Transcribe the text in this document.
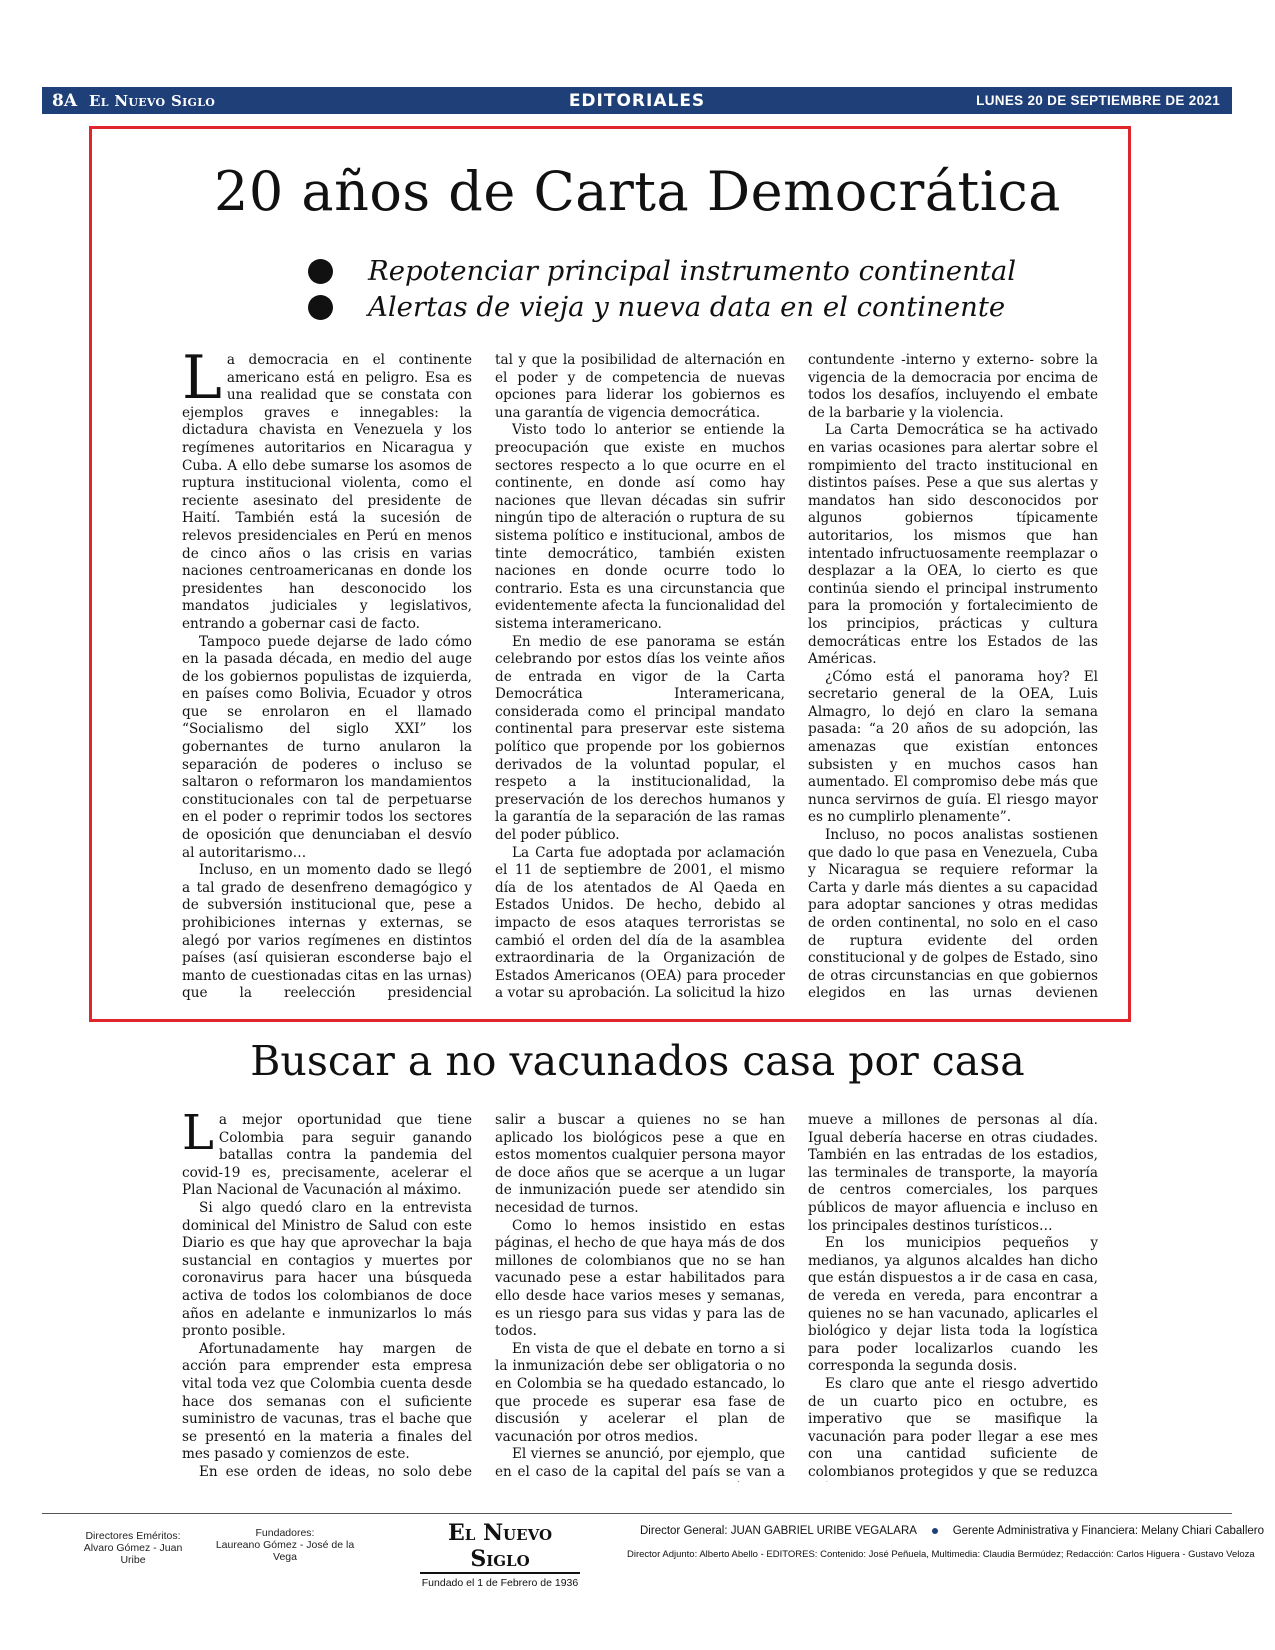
8A El Nuevo Siglo	EDITORIALES	LUNES 20 DE SEPTIEMBRE DE 2021
20 años de Carta Democrática
Repotenciar principal instrumento continental
Alertas de vieja y nueva data en el continente

La democracia en el continente americano está en peligro. Esa es una realidad que se constata con ejemplos graves e innegables: la dictadura chavista en Venezuela y los regímenes autoritarios en Nicaragua y Cuba. A ello debe sumarse los asomos de ruptura institucional violenta, como el reciente asesinato del presidente de Haití. También está la sucesión de relevos presidenciales en Perú en menos de cinco años o las crisis en varias naciones centroamericanas en donde los presidentes han desconocido los mandatos judiciales y legislativos, entrando a gobernar casi de facto.

Tampoco puede dejarse de lado cómo en la pasada década, en medio del auge de los gobiernos populistas de izquierda, en países como Bolivia, Ecuador y otros que se enrolaron en el llamado “Socialismo del siglo XXI” los gobernantes de turno anularon la separación de poderes o incluso se saltaron o reformaron los mandamientos constitucionales con tal de perpetuarse en el poder o reprimir todos los sectores de oposición que denunciaban el desvío al autoritarismo…

Incluso, en un momento dado se llegó a tal grado de desenfreno demagógico y de subversión institucional que, pese a prohibiciones internas y externas, se alegó por varios regímenes en distintos países (así quisieran esconderse bajo el manto de cuestionadas citas en las urnas) que la reelección presidencial

tal y que la posibilidad de alternación en el poder y de competencia de nuevas opciones para liderar los gobiernos es una garantía de vigencia democrática.

Visto todo lo anterior se entiende la preocupación que existe en muchos sectores respecto a lo que ocurre en el continente, en donde así como hay naciones que llevan décadas sin sufrir ningún tipo de alteración o ruptura de su sistema político e institucional, ambos de tinte democrático, también existen naciones en donde ocurre todo lo contrario. Esta es una circunstancia que evidentemente afecta la funcionalidad del sistema interamericano.

En medio de ese panorama se están celebrando por estos días los veinte años de entrada en vigor de la Carta Democrática Interamericana, considerada como el principal mandato continental para preservar este sistema político que propende por los gobiernos derivados de la voluntad popular, el respeto a la institucionalidad, la preservación de los derechos humanos y la garantía de la separación de las ramas del poder público.

La Carta fue adoptada por aclamación el 11 de septiembre de 2001, el mismo día de los atentados de Al Qaeda en Estados Unidos. De hecho, debido al impacto de esos ataques terroristas se cambió el orden del día de la asamblea extraordinaria de la Organización de Estados Americanos (OEA) para proceder a votar su aprobación. La solicitud la hizo

contundente -interno y externo- sobre la vigencia de la democracia por encima de todos los desafíos, incluyendo el embate de la barbarie y la violencia.

La Carta Democrática se ha activado en varias ocasiones para alertar sobre el rompimiento del tracto institucional en distintos países. Pese a que sus alertas y mandatos han sido desconocidos por algunos gobiernos típicamente autoritarios, los mismos que han intentado infructuosamente reemplazar o desplazar a la OEA, lo cierto es que continúa siendo el principal instrumento para la promoción y fortalecimiento de los principios, prácticas y cultura democráticas entre los Estados de las Américas.

¿Cómo está el panorama hoy? El secretario general de la OEA, Luis Almagro, lo dejó en claro la semana pasada: “a 20 años de su adopción, las amenazas que existían entonces subsisten y en muchos casos han aumentado. El compromiso debe más que nunca servirnos de guía. El riesgo mayor es no cumplirlo plenamente”.

Incluso, no pocos analistas sostienen que dado lo que pasa en Venezuela, Cuba y Nicaragua se requiere reformar la Carta y darle más dientes a su capacidad para adoptar sanciones y otras medidas de orden continental, no solo en el caso de ruptura evidente del orden constitucional y de golpes de Estado, sino de otras circunstancias en que gobiernos elegidos en las urnas devienen

Buscar a no vacunados casa por casa

La mejor oportunidad que tiene Colombia para seguir ganando batallas contra la pandemia del covid-19 es, precisamente, acelerar el Plan Nacional de Vacunación al máximo.

Si algo quedó claro en la entrevista dominical del Ministro de Salud con este Diario es que hay que aprovechar la baja sustancial en contagios y muertes por coronavirus para hacer una búsqueda activa de todos los colombianos de doce años en adelante e inmunizarlos lo más pronto posible.

Afortunadamente hay margen de acción para emprender esta empresa vital toda vez que Colombia cuenta desde hace dos semanas con el suficiente suministro de vacunas, tras el bache que se presentó en la materia a finales del mes pasado y comienzos de este.

En ese orden de ideas, no solo debe

salir a buscar a quienes no se han aplicado los biológicos pese a que en estos momentos cualquier persona mayor de doce años que se acerque a un lugar de inmunización puede ser atendido sin necesidad de turnos.

Como lo hemos insistido en estas páginas, el hecho de que haya más de dos millones de colombianos que no se han vacunado pese a estar habilitados para ello desde hace varios meses y semanas, es un riesgo para sus vidas y para las de todos.

En vista de que el debate en torno a si la inmunización debe ser obligatoria o no en Colombia se ha quedado estancado, lo que procede es superar esa fase de discusión y acelerar el plan de vacunación por otros medios.

El viernes se anunció, por ejemplo, que en el caso de la capital del país se van a

mueve a millones de personas al día. Igual debería hacerse en otras ciudades. También en las entradas de los estadios, las terminales de transporte, la mayoría de centros comerciales, los parques públicos de mayor afluencia e incluso en los principales destinos turísticos…

En los municipios pequeños y medianos, ya algunos alcaldes han dicho que están dispuestos a ir de casa en casa, de vereda en vereda, para encontrar a quienes no se han vacunado, aplicarles el biológico y dejar lista toda la logística para poder localizarlos cuando les corresponda la segunda dosis.

Es claro que ante el riesgo advertido de un cuarto pico en octubre, es imperativo que se masifique la vacunación para poder llegar a ese mes con una cantidad suficiente de colombianos protegidos y que se reduzca

Directores Eméritos:
Alvaro Gómez - Juan Uribe
Fundadores:
Laureano Gómez - José de la Vega
El Nuevo Siglo
Fundado el 1 de Febrero de 1936
Director General: JUAN GABRIEL URIBE VEGALARA	Gerente Administrativa y Financiera: Melany Chiari Caballero
Director Adjunto: Alberto Abello - EDITORES: Contenido: José Peñuela, Multimedia: Claudia Bermúdez; Redacción: Carlos Higuera - Gustavo Veloza
